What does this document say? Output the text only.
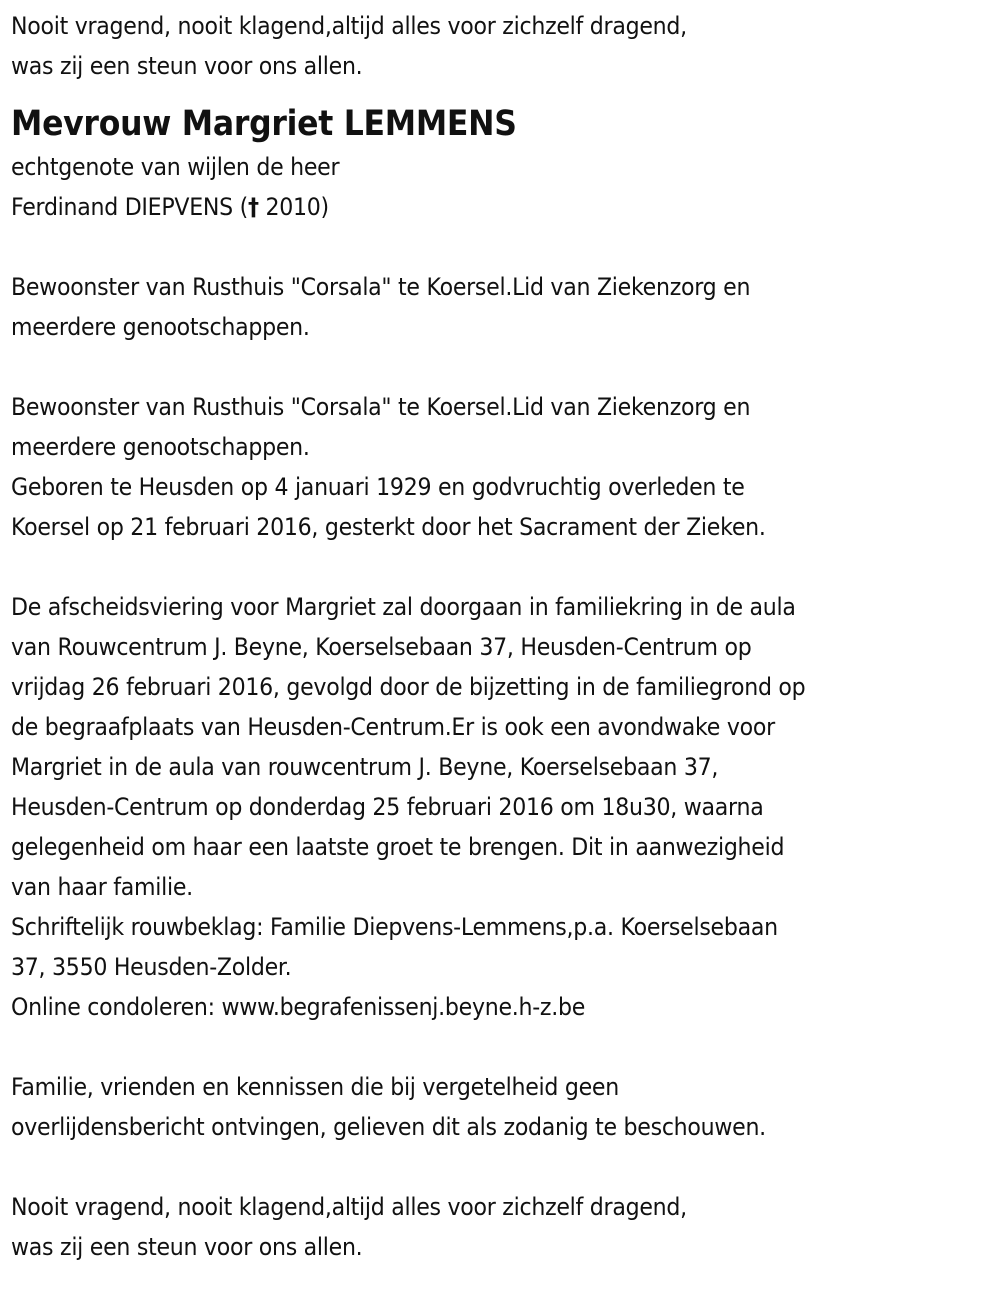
Nooit vragend, nooit klagend,altijd alles voor zichzelf dragend,
was zij een steun voor ons allen.
Mevrouw Margriet LEMMENS
echtgenote van wijlen de heer
Ferdinand DIEPVENS († 2010)
Bewoonster van Rusthuis "Corsala" te Koersel.Lid van Ziekenzorg en
meerdere genootschappen.
Bewoonster van Rusthuis "Corsala" te Koersel.Lid van Ziekenzorg en
meerdere genootschappen.
Geboren te Heusden op 4 januari 1929 en godvruchtig overleden te
Koersel op 21 februari 2016, gesterkt door het Sacrament der Zieken.
De afscheidsviering voor Margriet zal doorgaan in familiekring in de aula
van Rouwcentrum J. Beyne, Koerselsebaan 37, Heusden-Centrum op
vrijdag 26 februari 2016, gevolgd door de bijzetting in de familiegrond op
de begraafplaats van Heusden-Centrum.Er is ook een avondwake voor
Margriet in de aula van rouwcentrum J. Beyne, Koerselsebaan 37,
Heusden-Centrum op donderdag 25 februari 2016 om 18u30, waarna
gelegenheid om haar een laatste groet te brengen. Dit in aanwezigheid
van haar familie.
Schriftelijk rouwbeklag: Familie Diepvens-Lemmens,p.a. Koerselsebaan
37, 3550 Heusden-Zolder.
Online condoleren: www.begrafenissenj.beyne.h-z.be
Familie, vrienden en kennissen die bij vergetelheid geen
overlijdensbericht ontvingen, gelieven dit als zodanig te beschouwen.
Nooit vragend, nooit klagend,altijd alles voor zichzelf dragend,
was zij een steun voor ons allen.
